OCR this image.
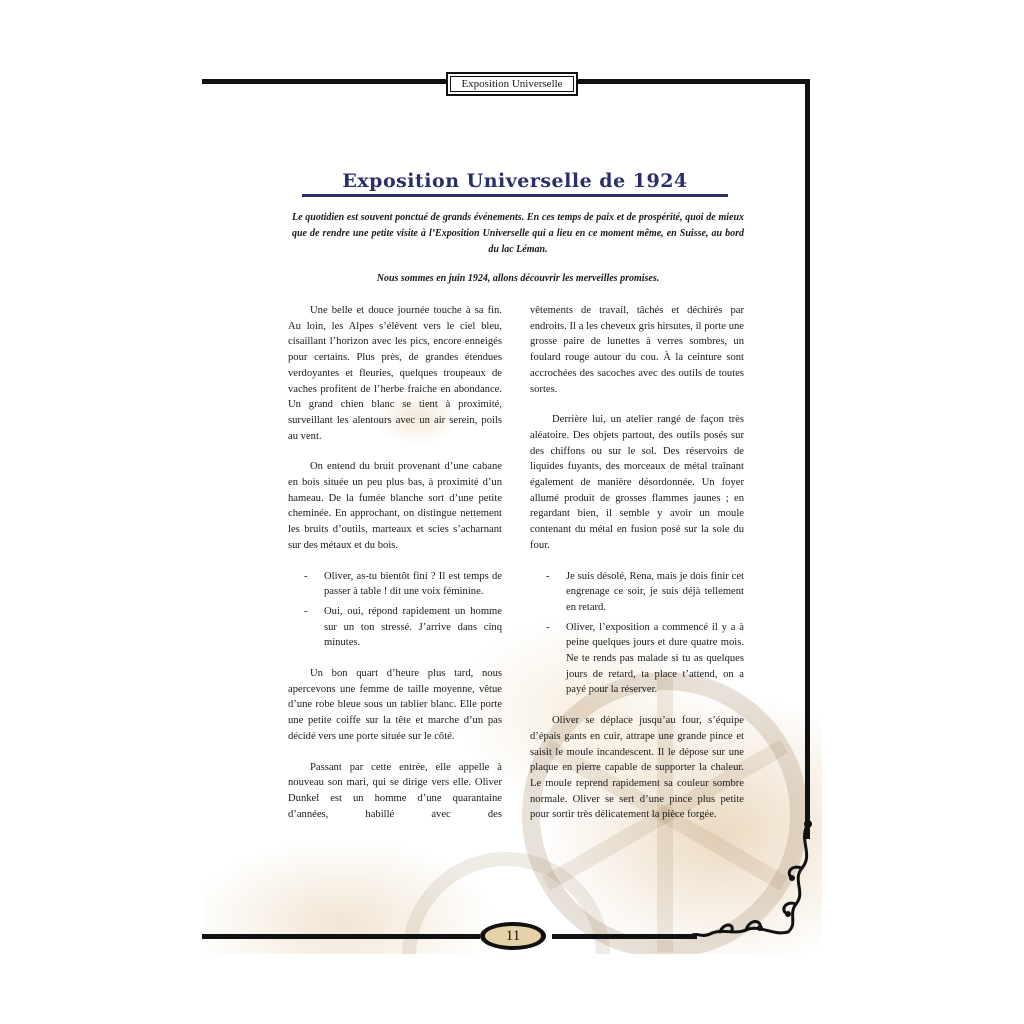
Exposition Universelle
Exposition Universelle de 1924
Le quotidien est souvent ponctué de grands événements. En ces temps de paix et de prospérité, quoi de mieux que de rendre une petite visite à l’Exposition Universelle qui a lieu en ce moment même, en Suisse, au bord du lac Léman.
Nous sommes en juin 1924, allons découvrir les merveilles promises.

Une belle et douce journée touche à sa fin. Au loin, les Alpes s’élèvent vers le ciel bleu, cisaillant l’horizon avec les pics, encore enneigés pour certains. Plus près, de grandes étendues verdoyantes et fleuries, quelques troupeaux de vaches profitent de l’herbe fraiche en abondance. Un grand chien blanc se tient à proximité, surveillant les alentours avec un air serein, poils au vent.

On entend du bruit provenant d’une cabane en bois située un peu plus bas, à proximité d’un hameau. De la fumée blanche sort d’une petite cheminée. En approchant, on distingue nettement les bruits d’outils, marteaux et scies s’acharnant sur des métaux et du bois.

-	Oliver, as-tu bientôt fini ? Il est temps de passer à table ! dit une voix féminine.
-	Oui, oui, répond rapidement un homme sur un ton stressé. J’arrive dans cinq minutes.

Un bon quart d’heure plus tard, nous apercevons une femme de taille moyenne, vêtue d’une robe bleue sous un tablier blanc. Elle porte une petite coiffe sur la tête et marche d’un pas décidé vers une porte située sur le côté.

Passant par cette entrée, elle appelle à nouveau son mari, qui se dirige vers elle. Oliver Dunkel est un homme d’une quarantaine d’années, habillé avec des

vêtements de travail, tâchés et déchirés par endroits. Il a les cheveux gris hirsutes, il porte une grosse paire de lunettes à verres sombres, un foulard rouge autour du cou. À la ceinture sont accrochées des sacoches avec des outils de toutes sortes.

Derrière lui, un atelier rangé de façon très aléatoire. Des objets partout, des outils posés sur des chiffons ou sur le sol. Des réservoirs de liquides fuyants, des morceaux de métal traînant également de manière désordonnée. Un foyer allumé produit de grosses flammes jaunes ; en regardant bien, il semble y avoir un moule contenant du métal en fusion posé sur la sole du four.

-	Je suis désolé, Rena, mais je dois finir cet engrenage ce soir, je suis déjà tellement en retard.
-	Oliver, l’exposition a commencé il y a à peine quelques jours et dure quatre mois. Ne te rends pas malade si tu as quelques jours de retard, ta place t’attend, on a payé pour la réserver.

Oliver se déplace jusqu’au four, s’équipe d’épais gants en cuir, attrape une grande pince et saisit le moule incandescent. Il le dépose sur une plaque en pierre capable de supporter la chaleur. Le moule reprend rapidement sa couleur sombre normale. Oliver se sert d’une pince plus petite pour sortir très délicatement la pièce forgée.

11
